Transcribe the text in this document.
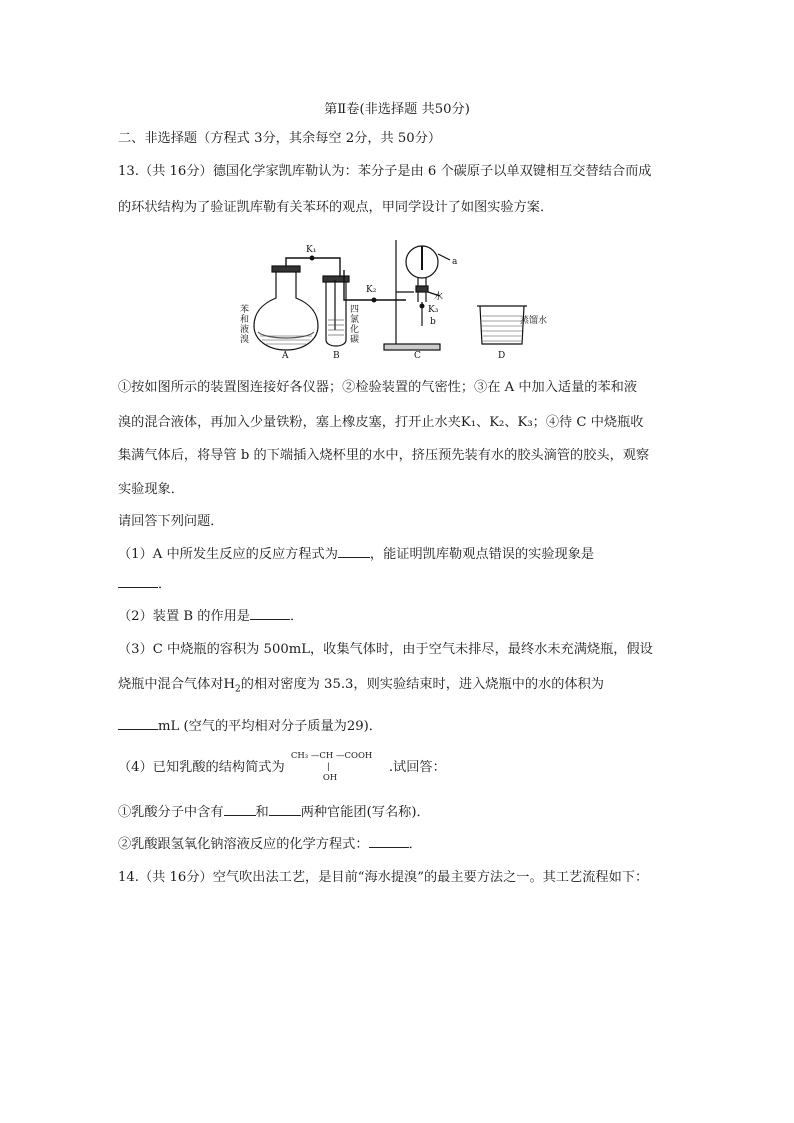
第Ⅱ卷(非选择题 共50分)
二、非选择题（方程式 3分，其余每空 2分，共 50分）
13.（共 16分）德国化学家凯库勒认为：苯分子是由 6 个碳原子以单双键相互交替结合而成
的环状结构为了验证凯库勒有关苯环的观点，甲同学设计了如图实验方案．
K₁
K₂
a
水
K₃
b	蒸馏水
苯
和
液
溴
四
氯
化
碳
A	B	C	D
①按如图所示的装置图连接好各仪器；②检验装置的气密性；③在 A 中加入适量的苯和液
溴的混合液体，再加入少量铁粉，塞上橡皮塞，打开止水夹K₁、K₂、K₃；④待 C 中烧瓶收
集满气体后，将导管 b 的下端插入烧杯里的水中，挤压预先装有水的胶头滴管的胶头，观察
实验现象．
请回答下列问题．
（1）A 中所发生反应的反应方程式为 ，能证明凯库勒观点错误的实验现象是
．
（2）装置 B 的作用是	．
（3）C 中烧瓶的容积为 500mL，收集气体时，由于空气未排尽，最终水未充满烧瓶，假设
烧瓶中混合气体对$H_2$的相对密度为 35.3，则实验结束时，进入烧瓶中的水的体积为
mL (空气的平均相对分子质量为29)．
（4）已知乳酸的结构简式为
CH₃ —CH —COOH
|
OH
.试回答：
①乳酸分子中含有 和 两种官能团(写名称)．
②乳酸跟氢氧化钠溶液反应的化学方程式：	．
14.（共 16分）空气吹出法工艺，是目前“海水提溴”的最主要方法之一。其工艺流程如下：
